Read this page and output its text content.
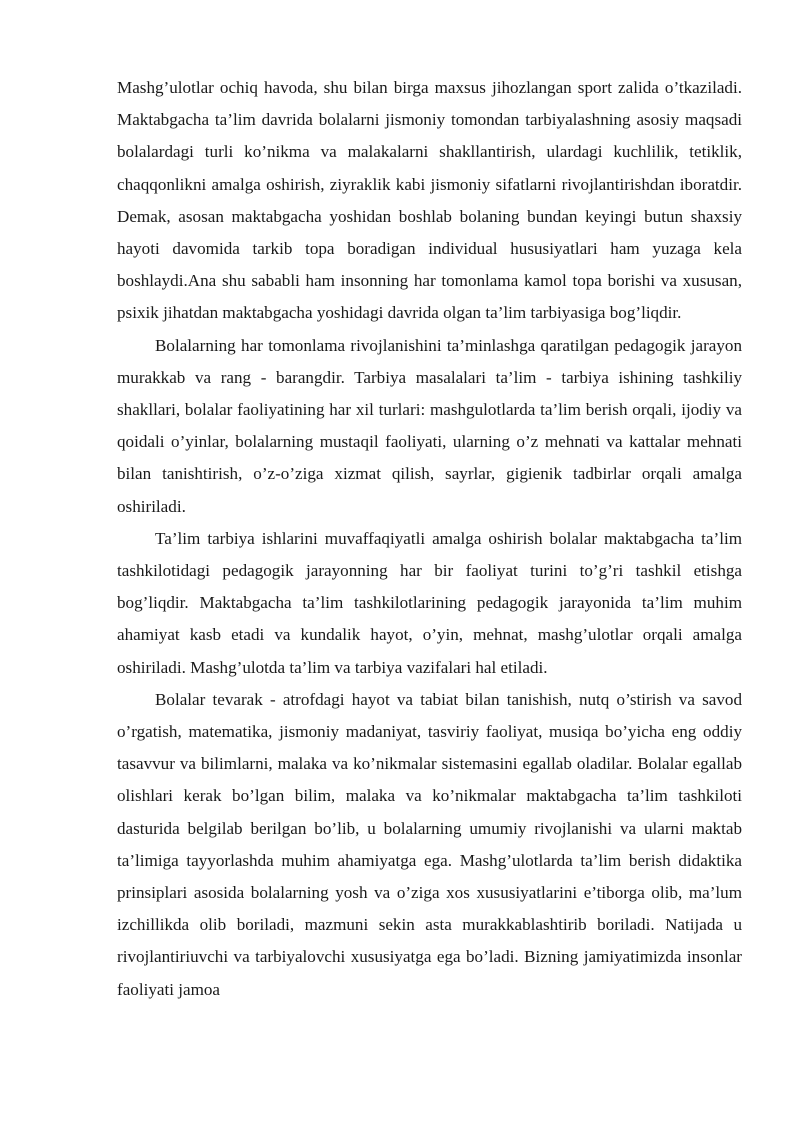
Mashg’ulotlar ochiq havoda, shu bilan birga maxsus jihozlangan sport zalida o’tkaziladi. Maktabgacha ta’lim davrida bolalarni jismoniy tomondan tarbiyalashning asosiy maqsadi bolalardagi turli ko’nikma va malakalarni shakllantirish, ulardagi kuchlilik, tetiklik, chaqqonlikni amalga oshirish, ziyraklik kabi jismoniy sifatlarni rivojlantirishdan iboratdir. Demak, asosan maktabgacha yoshidan boshlab bolaning bundan keyingi butun shaxsiy hayoti davomida tarkib topa boradigan individual hususiyatlari ham yuzaga kela boshlaydi.Ana shu sababli ham insonning har tomonlama kamol topa borishi va xususan, psixik jihatdan maktabgacha yoshidagi davrida olgan ta’lim tarbiyasiga bog’liqdir.

Bolalarning har tomonlama rivojlanishini ta’minlashga qaratilgan pedagogik jarayon murakkab va rang - barangdir. Tarbiya masalalari ta’lim - tarbiya ishining tashkiliy shakllari, bolalar faoliyatining har xil turlari: mashgulotlarda ta’lim berish orqali, ijodiy va qoidali o’yinlar, bolalarning mustaqil faoliyati, ularning o’z mehnati va kattalar mehnati bilan tanishtirish, o’z-o’ziga xizmat qilish, sayrlar, gigienik tadbirlar orqali amalga oshiriladi.

Ta’lim tarbiya ishlarini muvaffaqiyatli amalga oshirish bolalar maktabgacha ta’lim tashkilotidagi pedagogik jarayonning har bir faoliyat turini to’g’ri tashkil etishga bog’liqdir. Maktabgacha ta’lim tashkilotlarining pedagogik jarayonida ta’lim muhim ahamiyat kasb etadi va kundalik hayot, o’yin, mehnat, mashg’ulotlar orqali amalga oshiriladi. Mashg’ulotda ta’lim va tarbiya vazifalari hal etiladi.

Bolalar tevarak - atrofdagi hayot va tabiat bilan tanishish, nutq o’stirish va savod o’rgatish, matematika, jismoniy madaniyat, tasviriy faoliyat, musiqa bo’yicha eng oddiy tasavvur va bilimlarni, malaka va ko’nikmalar sistemasini egallab oladilar. Bolalar egallab olishlari kerak bo’lgan bilim, malaka va ko’nikmalar maktabgacha ta’lim tashkiloti dasturida belgilab berilgan bo’lib, u bolalarning umumiy rivojlanishi va ularni maktab ta’limiga tayyorlashda muhim ahamiyatga ega. Mashg’ulotlarda ta’lim berish didaktika prinsiplari asosida bolalarning yosh va o’ziga xos xususiyatlarini e’tiborga olib, ma’lum izchillikda olib boriladi, mazmuni sekin asta murakkablashtirib boriladi. Natijada u rivojlantiriuvchi va tarbiyalovchi xususiyatga ega bo’ladi. Bizning jamiyatimizda insonlar faoliyati jamoa
